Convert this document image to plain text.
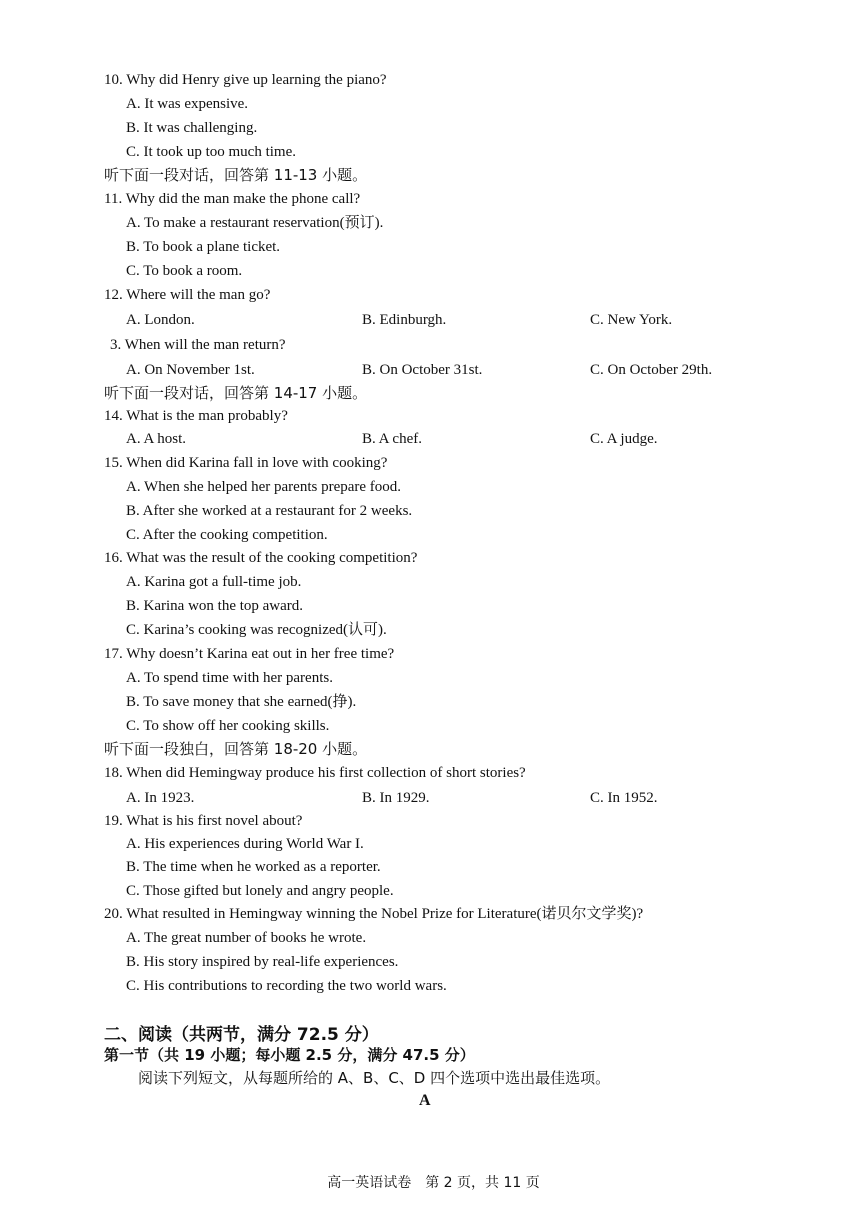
10. Why did Henry give up learning the piano?
A. It was expensive.
B. It was challenging.
C. It took up too much time.
听下面一段对话，回答第 11-13 小题。
11. Why did the man make the phone call?
A. To make a restaurant reservation(预订).
B. To book a plane ticket.
C. To book a room.
12. Where will the man go?
A. London.	B. Edinburgh.	C. New York.
3. When will the man return?
A. On November 1st.	B. On October 31st.	C. On October 29th.
听下面一段对话，回答第 14-17 小题。
14. What is the man probably?
A. A host.	B. A chef.	C. A judge.
15. When did Karina fall in love with cooking?
A. When she helped her parents prepare food.
B. After she worked at a restaurant for 2 weeks.
C. After the cooking competition.
16. What was the result of the cooking competition?
A. Karina got a full-time job.
B. Karina won the top award.
C. Karina’s cooking was recognized(认可).
17. Why doesn’t Karina eat out in her free time?
A. To spend time with her parents.
B. To save money that she earned(挣).
C. To show off her cooking skills.
听下面一段独白，回答第 18-20 小题。
18. When did Hemingway produce his first collection of short stories?
A. In 1923.	B. In 1929.	C. In 1952.
19. What is his first novel about?
A. His experiences during World War I.
B. The time when he worked as a reporter.
C. Those gifted but lonely and angry people.
20. What resulted in Hemingway winning the Nobel Prize for Literature(诺贝尔文学奖)?
A. The great number of books he wrote.
B. His story inspired by real-life experiences.
C. His contributions to recording the two world wars.
二、阅读（共两节，满分 72.5 分）
第一节（共 19 小题；每小题 2.5 分，满分 47.5 分）
阅读下列短文，从每题所给的 A、B、C、D 四个选项中选出最佳选项。
A
高一英语试卷　第 2 页，共 11 页
